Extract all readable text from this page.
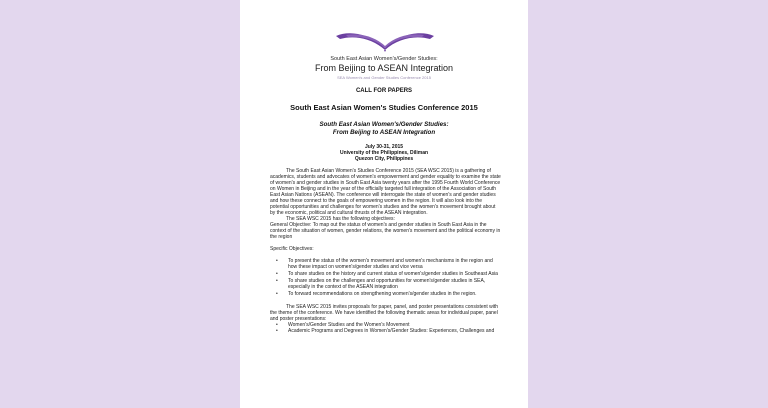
South East Asian Women's/Gender Studies:
From Beijing to ASEAN Integration
SEA Women's and Gender Studies Conference 2015
CALL FOR PAPERS
South East Asian Women's Studies Conference 2015
South East Asian Women's/Gender Studies:
From Beijing to ASEAN Integration
July 30-31, 2015
University of the Philippines, Diliman
Quezon City, Philippines

The South East Asian Women's Studies Conference 2015 (SEA WSC 2015) is a gathering of academics, students and advocates of women's empowerment and gender equality to examine the state of women's and gender studies in South East Asia twenty years after the 1995 Fourth World Conference on Women in Beijing and in the year of the officially targeted full integration of the Association of South East Asian Nations (ASEAN). The conference will interrogate the state of women's and gender studies and how these connect to the goals of empowering women in the region. It will also look into the potential opportunities and challenges for women's studies and the women's movement brought about by the economic, political and cultural thrusts of the ASEAN integration.

The SEA WSC 2015 has the following objectives:

General Objective: To map out the status of women's and gender studies in South East Asia in the context of the situation of women, gender relations, the women's movement and the political economy in the region

Specific Objectives:

• To present the status of the women's movement and women's mechanisms in the region and how these impact on women's/gender studies and vice versa
• To share studies on the history and current status of women's/gender studies in Southeast Asia
• To share studies on the challenges and opportunities for women's/gender studies in SEA, especially in the context of the ASEAN integration
• To forward recommendations on strengthening women's/gender studies in the region.

The SEA WSC 2015 invites proposals for paper, panel, and poster presentations consistent with the theme of the conference. We have identified the following thematic areas for individual paper, panel and poster presentations:

• Women's/Gender Studies and the Women's Movement
• Academic Programs and Degrees in Women's/Gender Studies: Experiences, Challenges and
